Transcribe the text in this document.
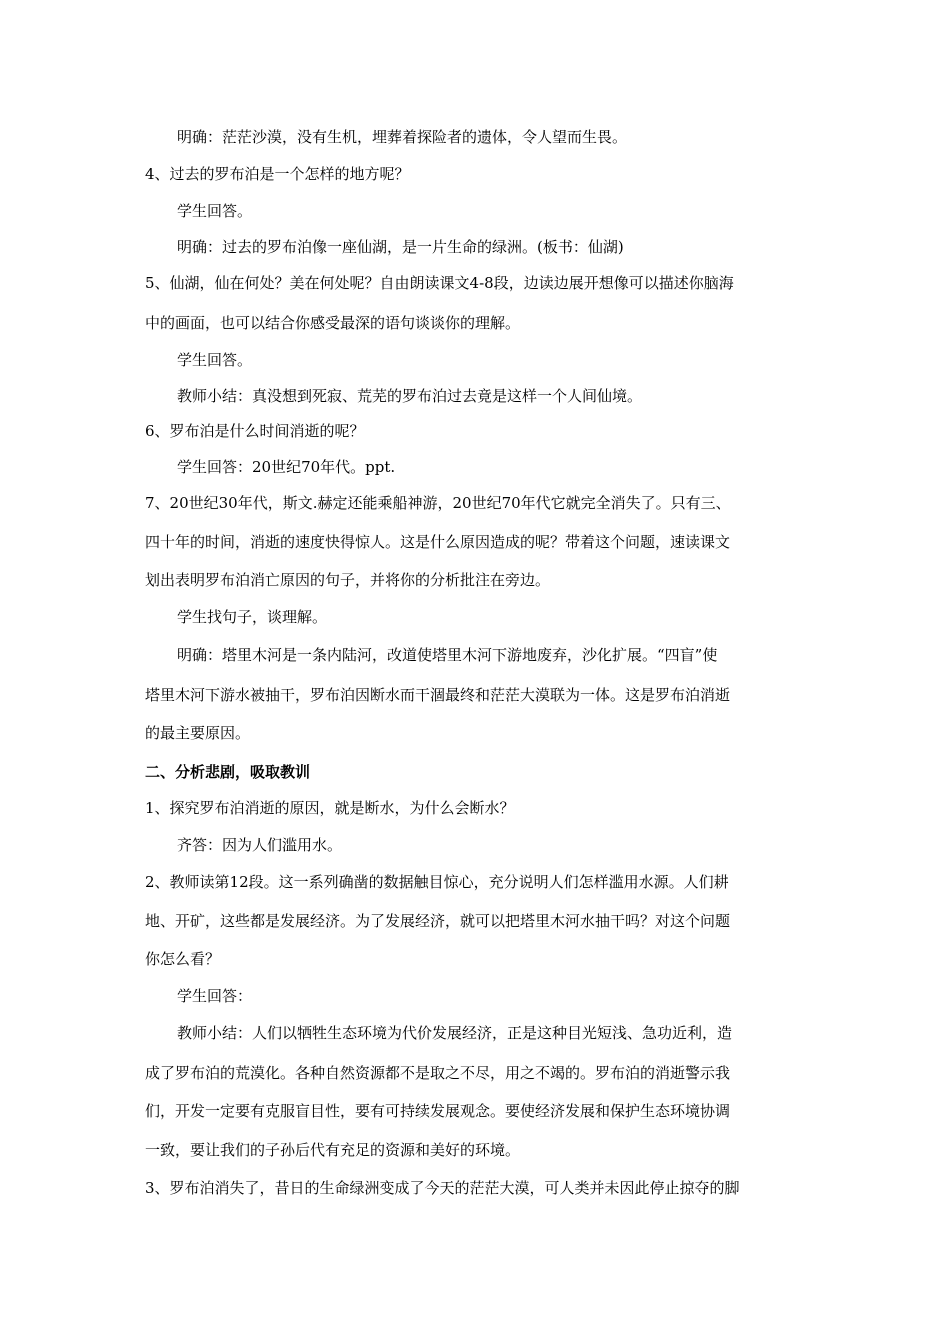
明确：茫茫沙漠，没有生机，埋葬着探险者的遗体，令人望而生畏。
4、过去的罗布泊是一个怎样的地方呢？
学生回答。
明确：过去的罗布泊像一座仙湖，是一片生命的绿洲。(板书：仙湖)
5、仙湖，仙在何处？美在何处呢？自由朗读课文4-8段，边读边展开想像可以描述你脑海
中的画面，也可以结合你感受最深的语句谈谈你的理解。
学生回答。
教师小结：真没想到死寂、荒芜的罗布泊过去竟是这样一个人间仙境。
6、罗布泊是什么时间消逝的呢？
学生回答：20世纪70年代。ppt.
7、20世纪30年代，斯文.赫定还能乘船神游，20世纪70年代它就完全消失了。只有三、
四十年的时间，消逝的速度快得惊人。这是什么原因造成的呢？带着这个问题，速读课文
划出表明罗布泊消亡原因的句子，并将你的分析批注在旁边。
学生找句子，谈理解。
明确：塔里木河是一条内陆河，改道使塔里木河下游地废弃，沙化扩展。“四盲”使
塔里木河下游水被抽干，罗布泊因断水而干涸最终和茫茫大漠联为一体。这是罗布泊消逝
的最主要原因。
二、分析悲剧，吸取教训
1、探究罗布泊消逝的原因，就是断水，为什么会断水？
齐答：因为人们滥用水。
2、教师读第12段。这一系列确凿的数据触目惊心，充分说明人们怎样滥用水源。人们耕
地、开矿，这些都是发展经济。为了发展经济，就可以把塔里木河水抽干吗？对这个问题
你怎么看？
学生回答：
教师小结：人们以牺牲生态环境为代价发展经济，正是这种目光短浅、急功近利，造
成了罗布泊的荒漠化。各种自然资源都不是取之不尽，用之不竭的。罗布泊的消逝警示我
们，开发一定要有克服盲目性，要有可持续发展观念。要使经济发展和保护生态环境协调
一致，要让我们的子孙后代有充足的资源和美好的环境。
3、罗布泊消失了，昔日的生命绿洲变成了今天的茫茫大漠，可人类并未因此停止掠夺的脚
